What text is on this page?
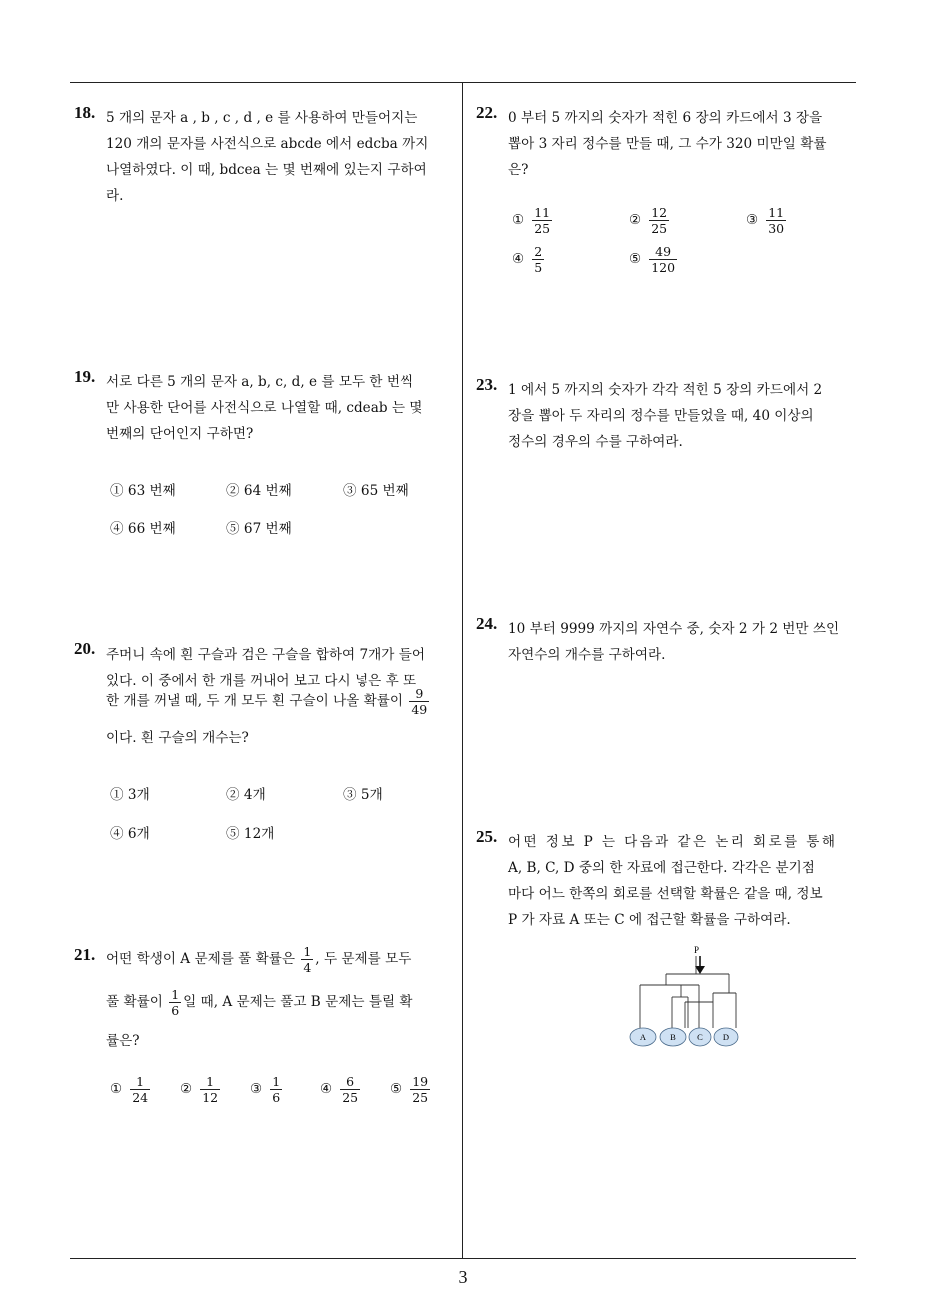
18. 5 개의 문자 a , b , c , d , e 를 사용하여 만들어지는
120 개의 문자를 사전식으로 abcde 에서 edcba 까지
나열하였다. 이 때, bdcea 는 몇 번째에 있는지 구하여
라.
19. 서로 다른 5 개의 문자 a, b, c, d, e 를 모두 한 번씩
만 사용한 단어를 사전식으로 나열할 때, cdeab 는 몇
번째의 단어인지 구하면?
① 63 번째	② 64 번째	③ 65 번째
④ 66 번째	⑤ 67 번째
20. 주머니 속에 흰 구슬과 검은 구슬을 합하여 7개가 들어
있다. 이 중에서 한 개를 꺼내어 보고 다시 넣은 후 또
한 개를 꺼낼 때, 두 개 모두 흰 구슬이 나올 확률이 $\frac{9}{49}$
이다. 흰 구슬의 개수는?
① 3개	② 4개	③ 5개
④ 6개	⑤ 12개
21. 어떤 학생이 A 문제를 풀 확률은 $\frac{1}{4}$ , 두 문제를 모두
풀 확률이 $\frac{1}{6}$ 일 때, A 문제는 풀고 B 문제는 틀릴 확
률은?
① $\frac{1}{24}$ ② $\frac{1}{12}$ ③ $\frac{1}{6}$	④ $\frac{6}{25}$ ⑤ $\frac{19}{25}$
22. 0 부터 5 까지의 숫자가 적힌 6 장의 카드에서 3 장을
뽑아 3 자리 정수를 만들 때, 그 수가 320 미만일 확률
은?
① $\frac{11}{25}$	② $\frac{12}{25}$	③ $\frac{11}{30}$
④ $\frac{2}{5}$	⑤ $\frac{49}{120}$
23. 1 에서 5 까지의 숫자가 각각 적힌 5 장의 카드에서 2
장을 뽑아 두 자리의 정수를 만들었을 때, 40 이상의
정수의 경우의 수를 구하여라.
24. 10 부터 9999 까지의 자연수 중, 숫자 2 가 2 번만 쓰인
자연수의 개수를 구하여라.
25. 어떤 정보 P 는 다음과 같은 논리 회로를 통해
A, B, C, D 중의 한 자료에 접근한다. 각각은 분기점
마다 어느 한쪽의 회로를 선택할 확률은 같을 때, 정보
P 가 자료 A 또는 C 에 접근할 확률을 구하여라.
P
A	B	C D
3
